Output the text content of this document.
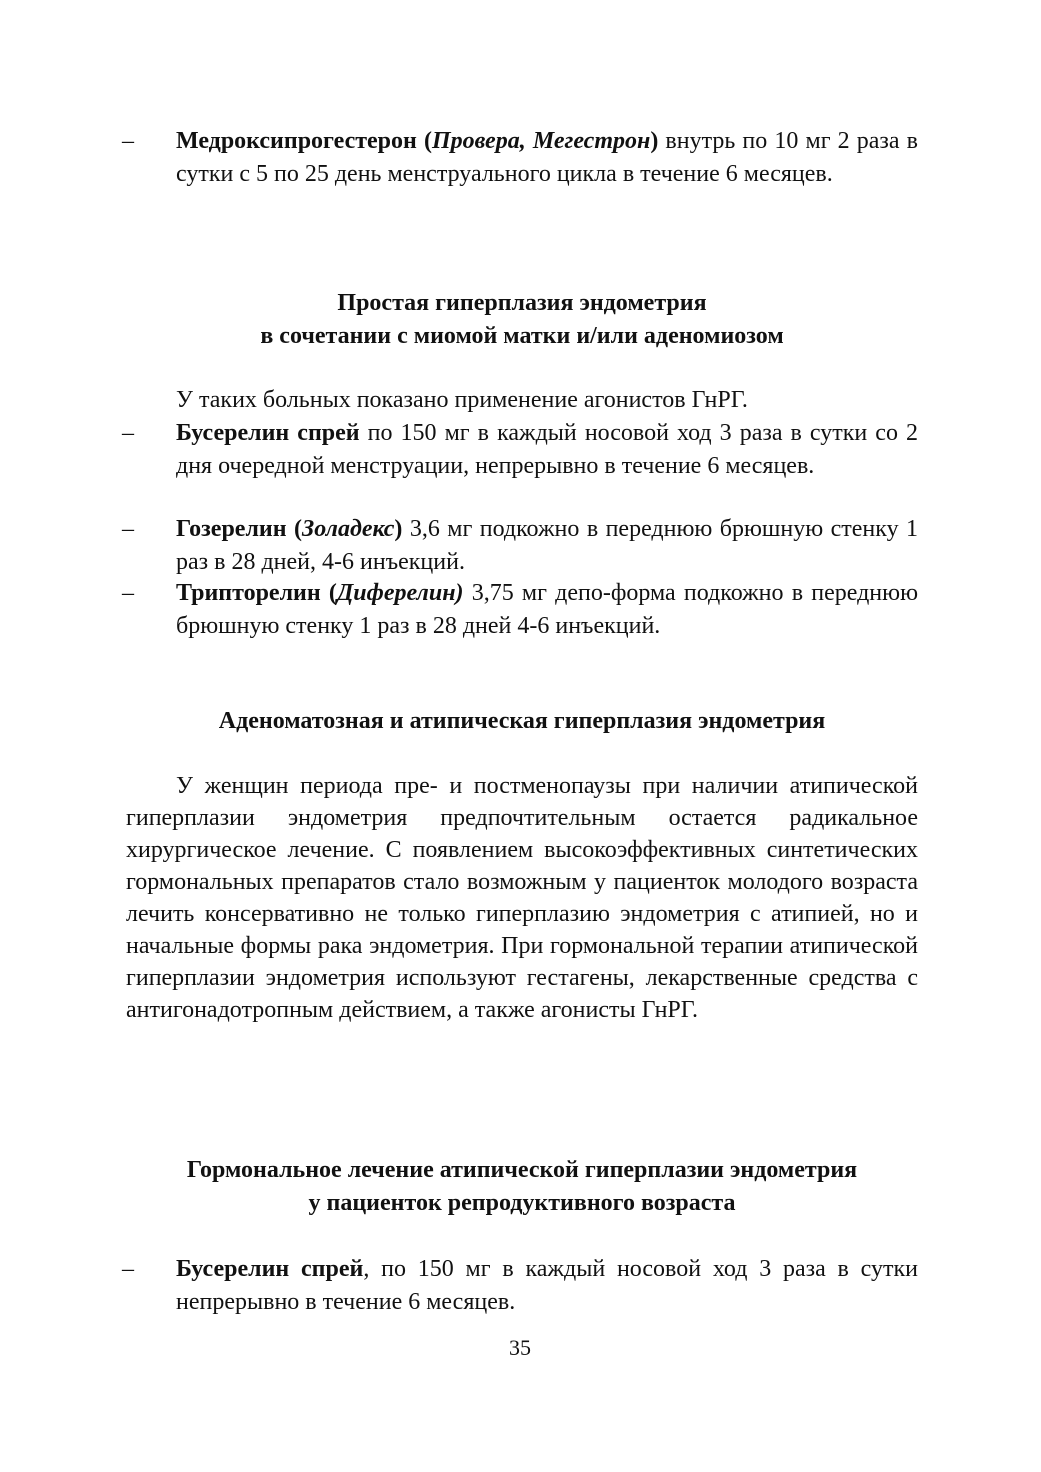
– Медроксипрогестерон (Провера, Мегестрон) внутрь по 10 мг 2 раза в сутки с 5 по 25 день менструального цикла в течение 6 месяцев.
Простая гиперплазия эндометрия
в сочетании с миомой матки и/или аденомиозом
У таких больных показано применение агонистов ГнРГ.
– Бусерелин спрей по 150 мг в каждый носовой ход 3 раза в сутки со 2 дня очередной менструации, непрерывно в течение 6 месяцев.
– Гозерелин (Золадекс) 3,6 мг подкожно в переднюю брюшную стенку 1 раз в 28 дней, 4-6 инъекций.
– Трипторелин (Диферелин) 3,75 мг депо-форма подкожно в переднюю брюшную стенку 1 раз в 28 дней 4-6 инъекций.
Аденоматозная и атипическая гиперплазия эндометрия
У женщин периода пре- и постменопаузы при наличии атипической гиперплазии эндометрия предпочтительным остается радикальное хирургическое лечение. С появлением высокоэффективных синтетических гормональных препаратов стало возможным у пациенток молодого возраста лечить консервативно не только гиперплазию эндометрия с атипией, но и начальные формы рака эндометрия. При гормональной терапии атипической гиперплазии эндометрия используют гестагены, лекарственные средства с антигонадотропным действием, а также агонисты ГнРГ.
Гормональное лечение атипической гиперплазии эндометрия
у пациенток репродуктивного возраста
– Бусерелин спрей, по 150 мг в каждый носовой ход 3 раза в сутки непрерывно в течение 6 месяцев.
35
